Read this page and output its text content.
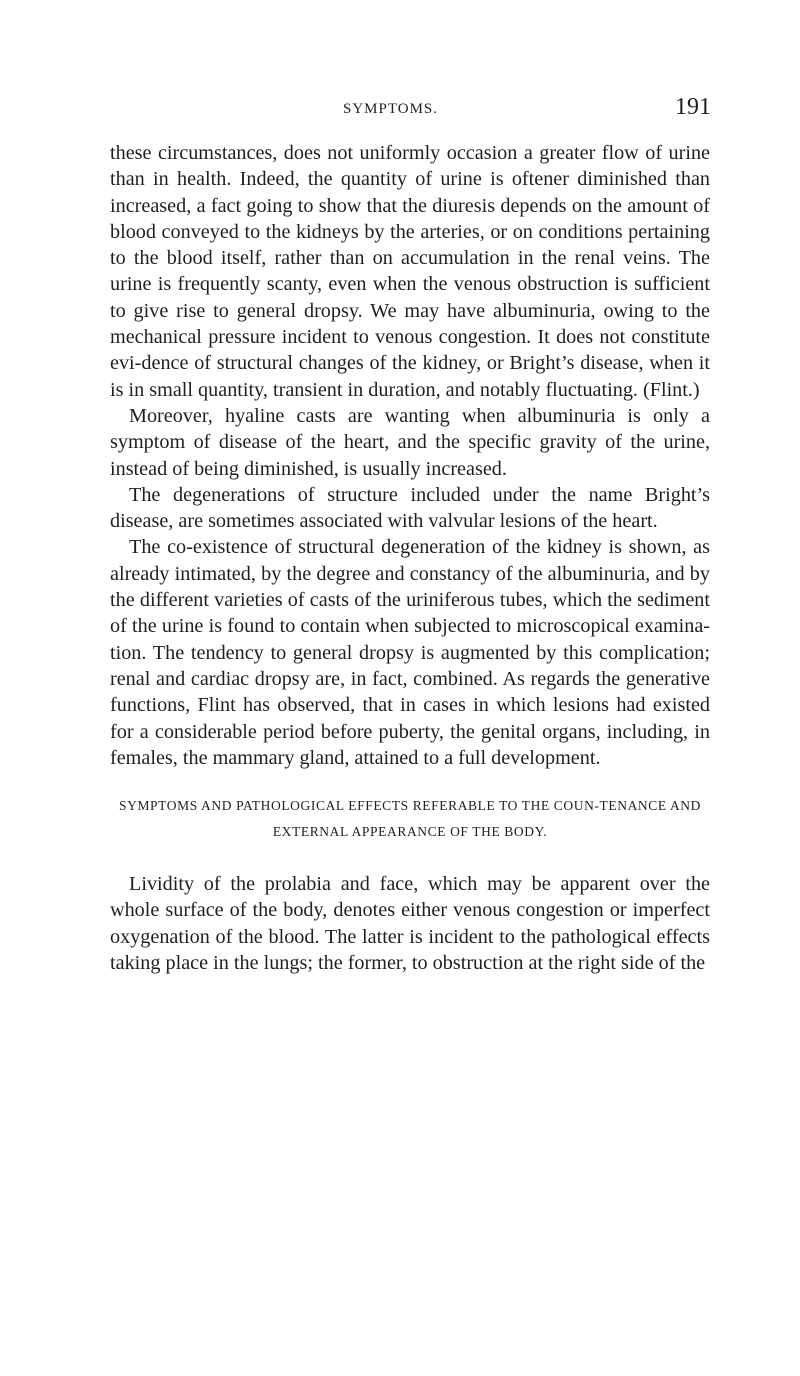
SYMPTOMS.	191

these circumstances, does not uniformly occasion a greater flow of urine than in health. Indeed, the quantity of urine is oftener diminished than increased, a fact going to show that the diuresis depends on the amount of blood conveyed to the kidneys by the arteries, or on conditions pertaining to the blood itself, rather than on accumulation in the renal veins. The urine is frequently scanty, even when the venous obstruction is sufficient to give rise to general dropsy. We may have albuminuria, owing to the mechanical pressure incident to venous congestion. It does not constitute evi-dence of structural changes of the kidney, or Bright’s disease, when it is in small quantity, transient in duration, and notably fluctuating. (Flint.)

Moreover, hyaline casts are wanting when albuminuria is only a symptom of disease of the heart, and the specific gravity of the urine, instead of being diminished, is usually increased.

The degenerations of structure included under the name Bright’s disease, are sometimes associated with valvular lesions of the heart.

The co-existence of structural degeneration of the kidney is shown, as already intimated, by the degree and constancy of the albuminuria, and by the different varieties of casts of the uriniferous tubes, which the sediment of the urine is found to contain when subjected to microscopical examina-tion. The tendency to general dropsy is augmented by this complication; renal and cardiac dropsy are, in fact, combined. As regards the generative functions, Flint has observed, that in cases in which lesions had existed for a considerable period before puberty, the genital organs, including, in females, the mammary gland, attained to a full development.

SYMPTOMS AND PATHOLOGICAL EFFECTS REFERABLE TO THE COUN-TENANCE AND EXTERNAL APPEARANCE OF THE BODY.

Lividity of the prolabia and face, which may be apparent over the whole surface of the body, denotes either venous congestion or imperfect oxygenation of the blood. The latter is incident to the pathological effects taking place in the lungs; the former, to obstruction at the right side of the
